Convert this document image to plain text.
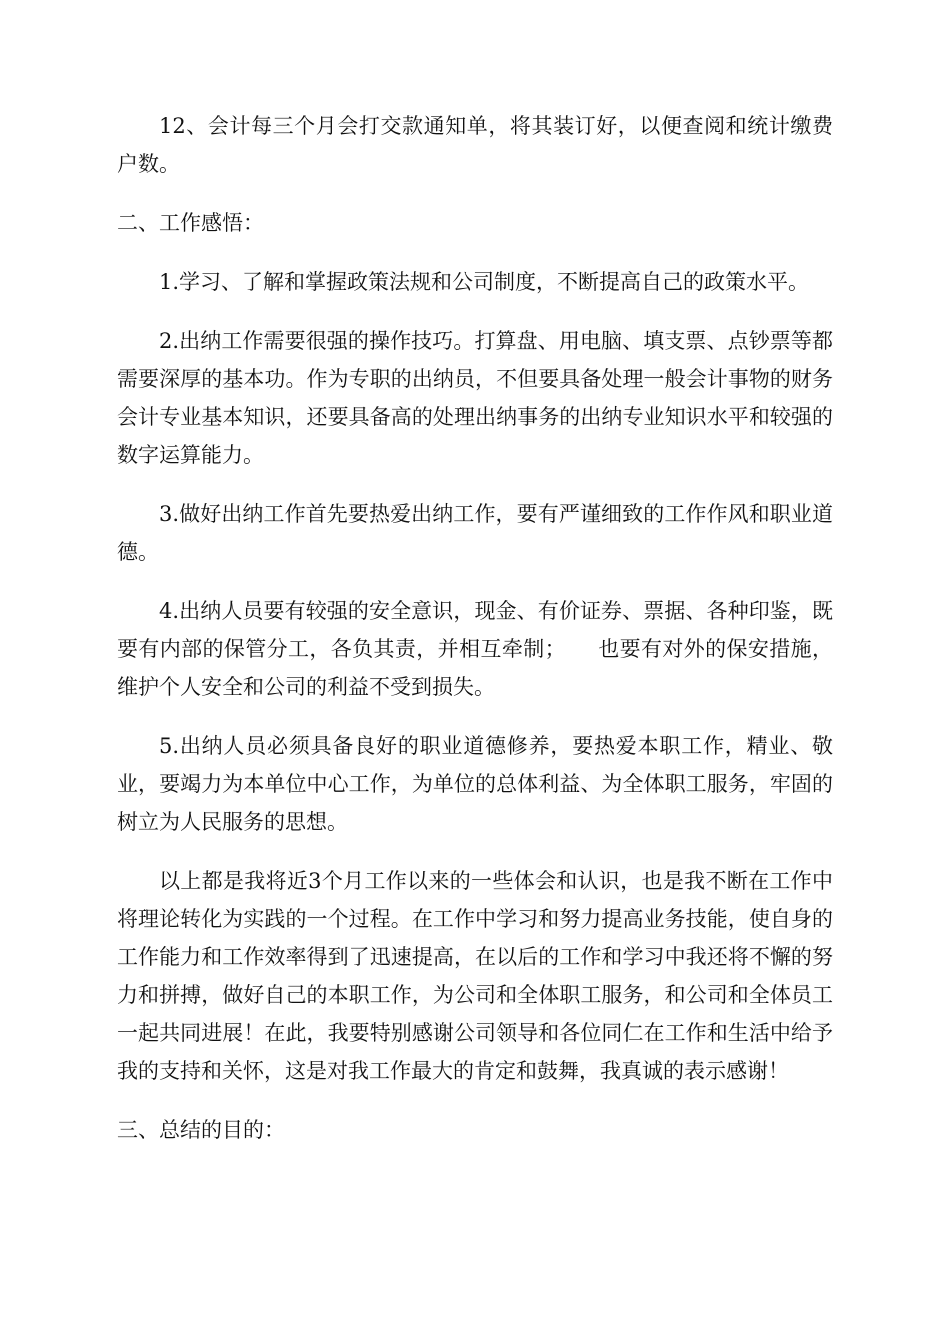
12、会计每三个月会打交款通知单，将其装订好，以便查阅和统计缴费户数。

二、工作感悟：

1.学习、了解和掌握政策法规和公司制度，不断提高自己的政策水平。

2.出纳工作需要很强的操作技巧。打算盘、用电脑、填支票、点钞票等都需要深厚的基本功。作为专职的出纳员，不但要具备处理一般会计事物的财务会计专业基本知识，还要具备高的处理出纳事务的出纳专业知识水平和较强的数字运算能力。

3.做好出纳工作首先要热爱出纳工作，要有严谨细致的工作作风和职业道德。

4.出纳人员要有较强的安全意识，现金、有价证券、票据、各种印鉴，既要有内部的保管分工，各负其责，并相互牵制；　　也要有对外的保安措施，维护个人安全和公司的利益不受到损失。

5.出纳人员必须具备良好的职业道德修养，要热爱本职工作，精业、敬业，要竭力为本单位中心工作，为单位的总体利益、为全体职工服务，牢固的树立为人民服务的思想。

以上都是我将近3个月工作以来的一些体会和认识，也是我不断在工作中将理论转化为实践的一个过程。在工作中学习和努力提高业务技能，使自身的工作能力和工作效率得到了迅速提高，在以后的工作和学习中我还将不懈的努力和拼搏，做好自己的本职工作，为公司和全体职工服务，和公司和全体员工一起共同进展！在此，我要特别感谢公司领导和各位同仁在工作和生活中给予我的支持和关怀，这是对我工作最大的肯定和鼓舞，我真诚的表示感谢！

三、总结的目的：
